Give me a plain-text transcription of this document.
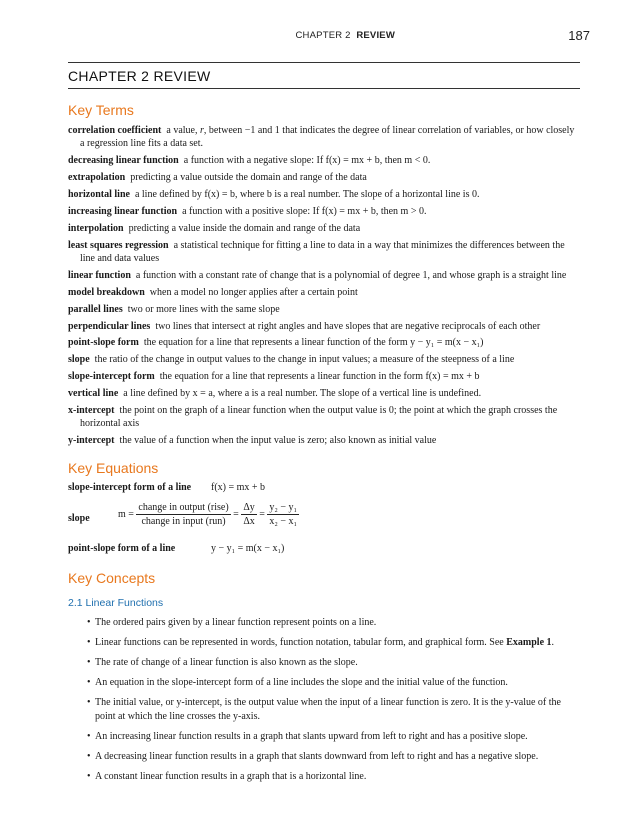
CHAPTER 2 REVIEW	187
CHAPTER 2 REVIEW
Key Terms
correlation coefficient a value, r, between −1 and 1 that indicates the degree of linear correlation of variables, or how closely a regression line fits a data set.
decreasing linear function a function with a negative slope: If f(x) = mx + b, then m < 0.
extrapolation predicting a value outside the domain and range of the data
horizontal line a line defined by f(x) = b, where b is a real number. The slope of a horizontal line is 0.
increasing linear function a function with a positive slope: If f(x) = mx + b, then m > 0.
interpolation predicting a value inside the domain and range of the data
least squares regression a statistical technique for fitting a line to data in a way that minimizes the differences between the line and data values
linear function a function with a constant rate of change that is a polynomial of degree 1, and whose graph is a straight line
model breakdown when a model no longer applies after a certain point
parallel lines two or more lines with the same slope
perpendicular lines two lines that intersect at right angles and have slopes that are negative reciprocals of each other
point-slope form the equation for a line that represents a linear function of the form y − y₁ = m(x − x₁)
slope the ratio of the change in output values to the change in input values; a measure of the steepness of a line
slope-intercept form the equation for a line that represents a linear function in the form f(x) = mx + b
vertical line a line defined by x = a, where a is a real number. The slope of a vertical line is undefined.
x-intercept the point on the graph of a linear function when the output value is 0; the point at which the graph crosses the horizontal axis
y-intercept the value of a function when the input value is zero; also known as initial value
Key Equations
slope-intercept form of a line f(x) = mx + b
slope	$m = \frac{\text{change in output (rise)}}{\text{change in input (run)}} = \frac{\Delta y}{\Delta x} = \frac{\text{y₂ − y₁}}{\text{x₂ − x₁}}$
point-slope form of a line	y − y₁ = m(x − x₁)
Key Concepts
2.1 Linear Functions
• The ordered pairs given by a linear function represent points on a line.
• Linear functions can be represented in words, function notation, tabular form, and graphical form. See Example 1.
• The rate of change of a linear function is also known as the slope.
• An equation in the slope-intercept form of a line includes the slope and the initial value of the function.
• The initial value, or y-intercept, is the output value when the input of a linear function is zero. It is the y-value of the point at which the line crosses the y-axis.
• An increasing linear function results in a graph that slants upward from left to right and has a positive slope.
• A decreasing linear function results in a graph that slants downward from left to right and has a negative slope.
• A constant linear function results in a graph that is a horizontal line.
